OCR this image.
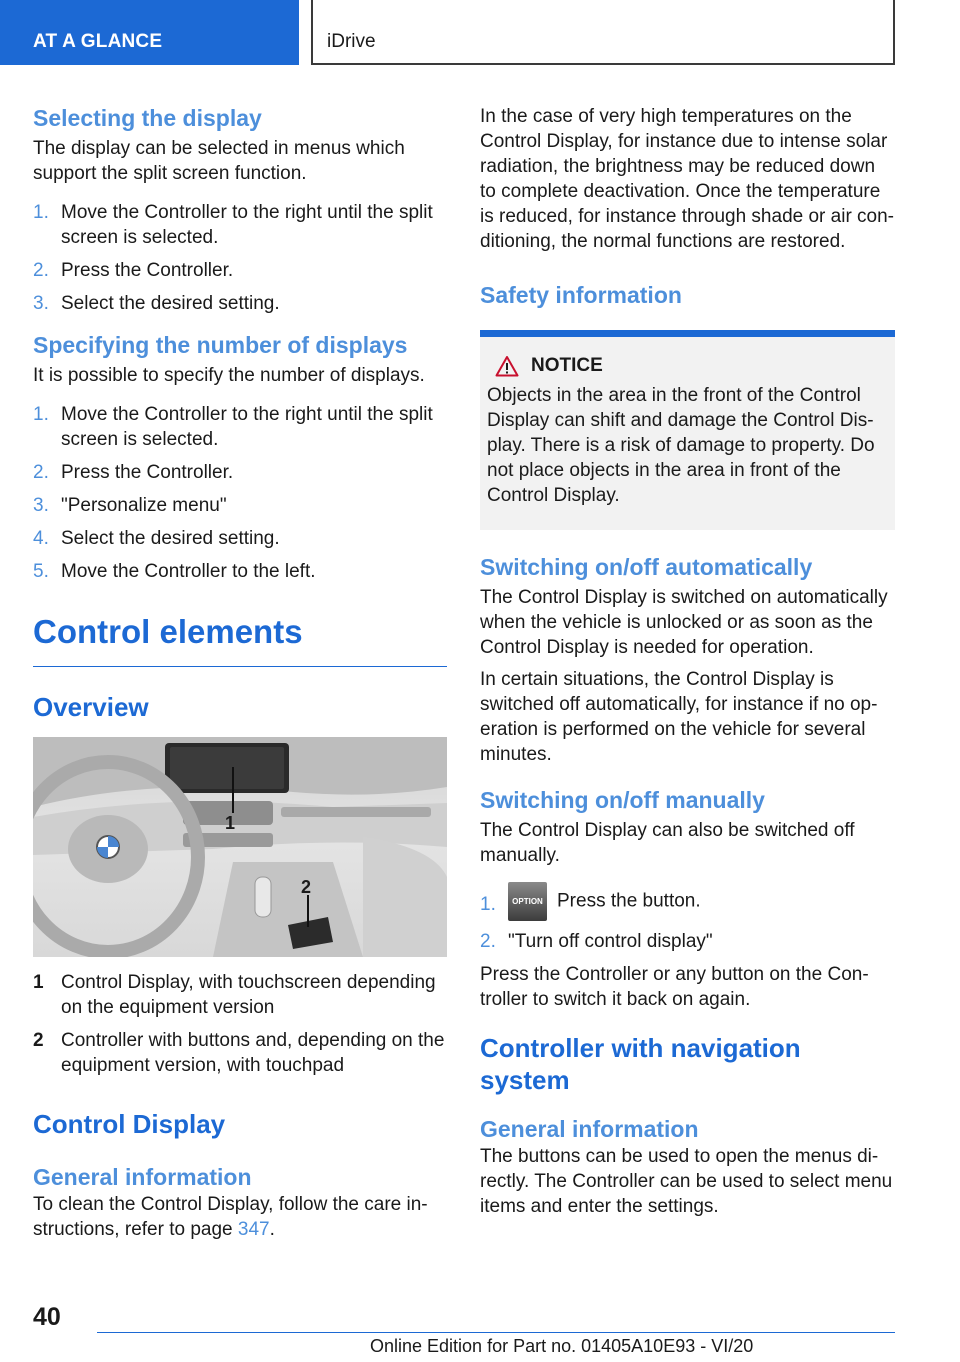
AT A GLANCE	iDrive
Selecting the display

The display can be selected in menus which support the split screen function.

1. Move the Controller to the right until the split screen is selected.
2. Press the Controller.
3. Select the desired setting.
Specifying the number of displays

It is possible to specify the number of displays.

1. Move the Controller to the right until the split screen is selected.
2. Press the Controller.
3. "Personalize menu"
4. Select the desired setting.
5. Move the Controller to the left.
Control elements
Overview
1
2
1 Control Display, with touchscreen depending on the equipment version
2 Controller with buttons and, depending on the equipment version, with touchpad
Control Display
General information

To clean the Control Display, follow the care in-structions, refer to page 347.

In the case of very high temperatures on the Control Display, for instance due to intense solar radiation, the brightness may be reduced down to complete deactivation. Once the temperature is reduced, for instance through shade or air con-ditioning, the normal functions are restored.

Safety information
NOTICE

Objects in the area in the front of the Control Display can shift and damage the Control Dis-play. There is a risk of damage to property. Do not place objects in the area in front of the Control Display.

Switching on/off automatically

The Control Display is switched on automatically when the vehicle is unlocked or as soon as the Control Display is needed for operation.

In certain situations, the Control Display is switched off automatically, for instance if no op-eration is performed on the vehicle for several minutes.

Switching on/off manually

The Control Display can also be switched off manually.

1. OPTION Press the button.
2. "Turn off control display"

Press the Controller or any button on the Con-troller to switch it back on again.

Controller with navigation system
General information

The buttons can be used to open the menus di-rectly. The Controller can be used to select menu items and enter the settings.

40
Online Edition for Part no. 01405A10E93 - VI/20
